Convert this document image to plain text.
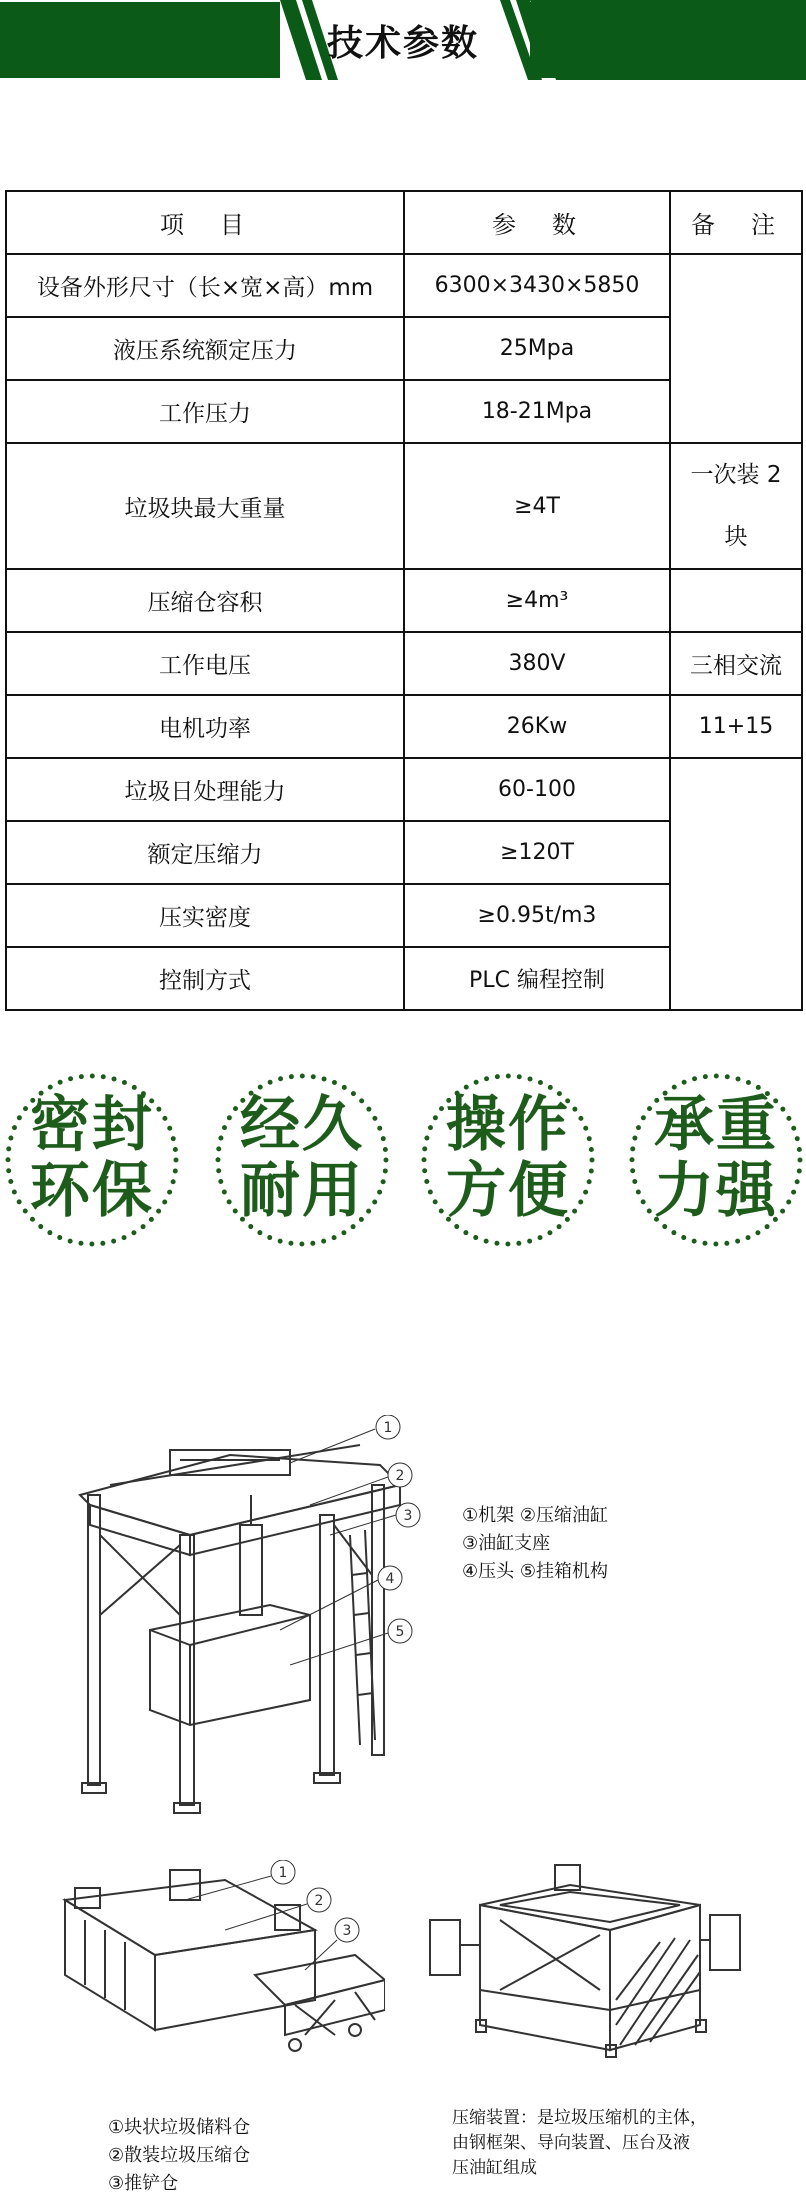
技术参数
项　目	参　数	备　注
设备外形尺寸（长×宽×高）mm	6300×3430×5850	
液压系统额定压力	25Mpa	
工作压力	18-21Mpa	
垃圾块最大重量	≥4T	一次装 2
块
压缩仓容积	≥4m³	
工作电压	380V	三相交流
电机功率	26Kw	11+15
垃圾日处理能力	60-100	
额定压缩力	≥120T	
压实密度	≥0.95t/m3	
控制方式	PLC 编程控制	
密封
环保
经久
耐用
操作
方便
承重
力强
1
2
3
4
5
①机架 ②压缩油缸
③油缸支座
④压头 ⑤挂箱机构
1
2
3
①块状垃圾储料仓
②散装垃圾压缩仓
③推铲仓
压缩装置：是垃圾压缩机的主体，
由钢框架、导向装置、压台及液
压油缸组成
